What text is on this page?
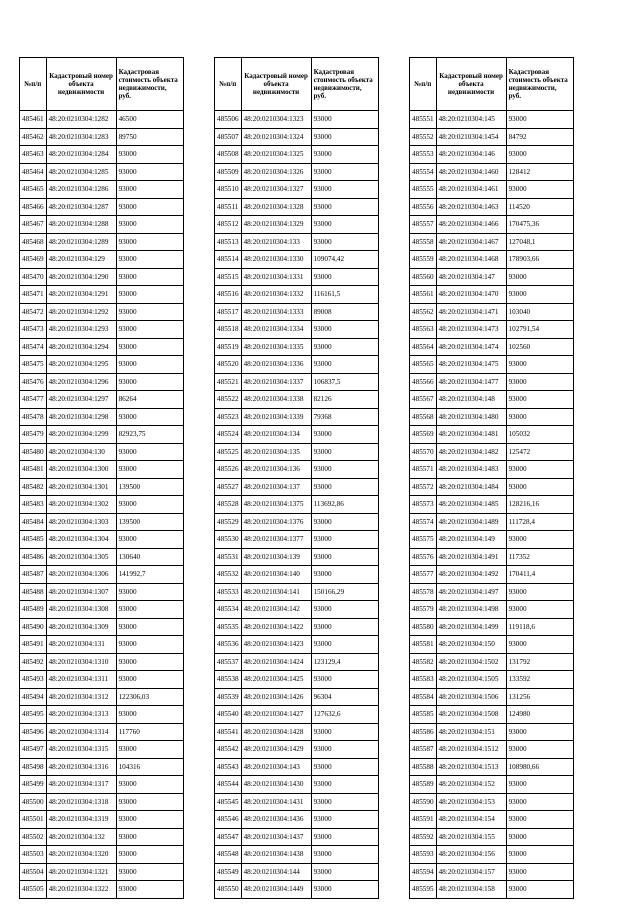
№п/п	Кадастровый номер объекта недвижимости	Кадастровая стоимость объекта недвижимости, руб.
485461	48:20:0210304:1282	46500
485462	48:20:0210304:1283	89750
485463	48:20:0210304:1284	93000
485464	48:20:0210304:1285	93000
485465	48:20:0210304:1286	93000
485466	48:20:0210304:1287	93000
485467	48:20:0210304:1288	93000
485468	48:20:0210304:1289	93000
485469	48:20:0210304:129	93000
485470	48:20:0210304:1290	93000
485471	48:20:0210304:1291	93000
485472	48:20:0210304:1292	93000
485473	48:20:0210304:1293	93000
485474	48:20:0210304:1294	93000
485475	48:20:0210304:1295	93000
485476	48:20:0210304:1296	93000
485477	48:20:0210304:1297	86264
485478	48:20:0210304:1298	93000
485479	48:20:0210304:1299	82923,75
485480	48:20:0210304:130	93000
485481	48:20:0210304:1300	93000
485482	48:20:0210304:1301	139500
485483	48:20:0210304:1302	93000
485484	48:20:0210304:1303	139500
485485	48:20:0210304:1304	93000
485486	48:20:0210304:1305	130640
485487	48:20:0210304:1306	141992,7
485488	48:20:0210304:1307	93000
485489	48:20:0210304:1308	93000
485490	48:20:0210304:1309	93000
485491	48:20:0210304:131	93000
485492	48:20:0210304:1310	93000
485493	48:20:0210304:1311	93000
485494	48:20:0210304:1312	122306,03
485495	48:20:0210304:1313	93000
485496	48:20:0210304:1314	117760
485497	48:20:0210304:1315	93000
485498	48:20:0210304:1316	104316
485499	48:20:0210304:1317	93000
485500	48:20:0210304:1318	93000
485501	48:20:0210304:1319	93000
485502	48:20:0210304:132	93000
485503	48:20:0210304:1320	93000
485504	48:20:0210304:1321	93000
485505	48:20:0210304:1322	93000
№п/п	Кадастровый номер объекта недвижимости	Кадастровая стоимость объекта недвижимости, руб.
485506	48:20:0210304:1323	93000
485507	48:20:0210304:1324	93000
485508	48:20:0210304:1325	93000
485509	48:20:0210304:1326	93000
485510	48:20:0210304:1327	93000
485511	48:20:0210304:1328	93000
485512	48:20:0210304:1329	93000
485513	48:20:0210304:133	93000
485514	48:20:0210304:1330	109074,42
485515	48:20:0210304:1331	93000
485516	48:20:0210304:1332	116161,5
485517	48:20:0210304:1333	89008
485518	48:20:0210304:1334	93000
485519	48:20:0210304:1335	93000
485520	48:20:0210304:1336	93000
485521	48:20:0210304:1337	106837,5
485522	48:20:0210304:1338	82126
485523	48:20:0210304:1339	79368
485524	48:20:0210304:134	93000
485525	48:20:0210304:135	93000
485526	48:20:0210304:136	93000
485527	48:20:0210304:137	93000
485528	48:20:0210304:1375	113692,86
485529	48:20:0210304:1376	93000
485530	48:20:0210304:1377	93000
485531	48:20:0210304:139	93000
485532	48:20:0210304:140	93000
485533	48:20:0210304:141	150166,29
485534	48:20:0210304:142	93000
485535	48:20:0210304:1422	93000
485536	48:20:0210304:1423	93000
485537	48:20:0210304:1424	123129,4
485538	48:20:0210304:1425	93000
485539	48:20:0210304:1426	96304
485540	48:20:0210304:1427	127632,6
485541	48:20:0210304:1428	93000
485542	48:20:0210304:1429	93000
485543	48:20:0210304:143	93000
485544	48:20:0210304:1430	93000
485545	48:20:0210304:1431	93000
485546	48:20:0210304:1436	93000
485547	48:20:0210304:1437	93000
485548	48:20:0210304:1438	93000
485549	48:20:0210304:144	93000
485550	48:20:0210304:1449	93000
№п/п	Кадастровый номер объекта недвижимости	Кадастровая стоимость объекта недвижимости, руб.
485551	48:20:0210304:145	93000
485552	48:20:0210304:1454	84792
485553	48:20:0210304:146	93000
485554	48:20:0210304:1460	128412
485555	48:20:0210304:1461	93000
485556	48:20:0210304:1463	114520
485557	48:20:0210304:1466	170475,36
485558	48:20:0210304:1467	127048,1
485559	48:20:0210304:1468	178903,66
485560	48:20:0210304:147	93000
485561	48:20:0210304:1470	93000
485562	48:20:0210304:1471	103040
485563	48:20:0210304:1473	102791,54
485564	48:20:0210304:1474	102560
485565	48:20:0210304:1475	93000
485566	48:20:0210304:1477	93000
485567	48:20:0210304:148	93000
485568	48:20:0210304:1480	93000
485569	48:20:0210304:1481	105032
485570	48:20:0210304:1482	125472
485571	48:20:0210304:1483	93000
485572	48:20:0210304:1484	93000
485573	48:20:0210304:1485	128216,16
485574	48:20:0210304:1489	111728,4
485575	48:20:0210304:149	93000
485576	48:20:0210304:1491	117352
485577	48:20:0210304:1492	170411,4
485578	48:20:0210304:1497	93000
485579	48:20:0210304:1498	93000
485580	48:20:0210304:1499	119118,6
485581	48:20:0210304:150	93000
485582	48:20:0210304:1502	131792
485583	48:20:0210304:1505	133592
485584	48:20:0210304:1506	131256
485585	48:20:0210304:1508	124980
485586	48:20:0210304:151	93000
485587	48:20:0210304:1512	93000
485588	48:20:0210304:1513	108980,66
485589	48:20:0210304:152	93000
485590	48:20:0210304:153	93000
485591	48:20:0210304:154	93000
485592	48:20:0210304:155	93000
485593	48:20:0210304:156	93000
485594	48:20:0210304:157	93000
485595	48:20:0210304:158	93000
